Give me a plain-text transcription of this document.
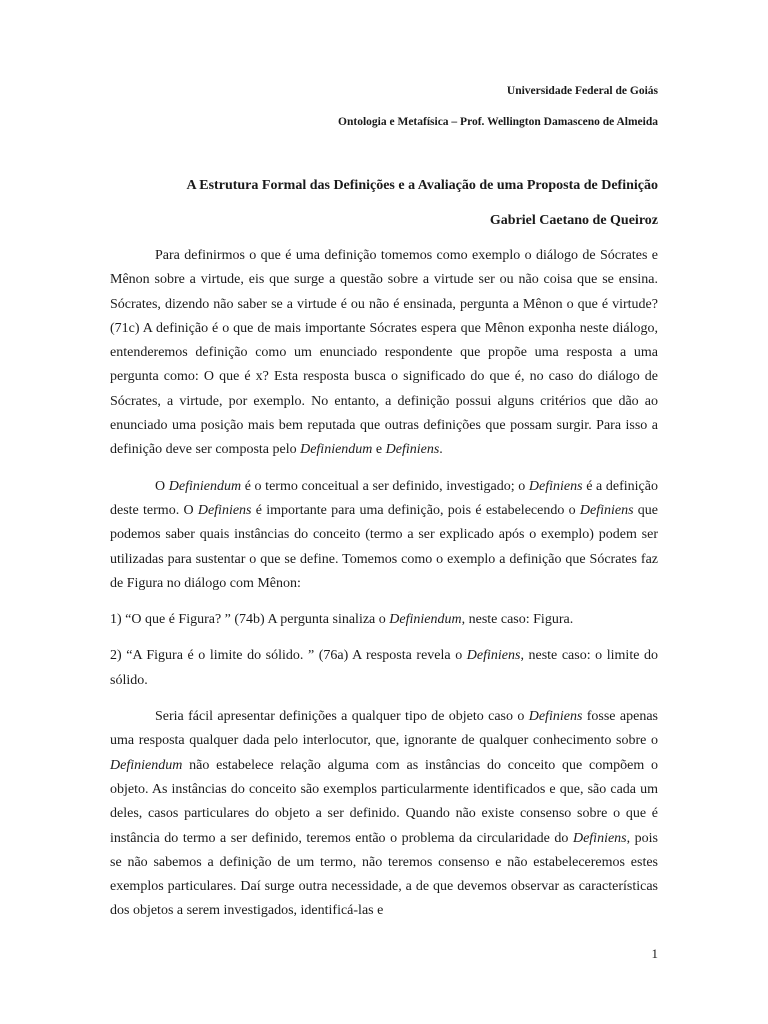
Universidade Federal de Goiás
Ontologia e Metafísica – Prof. Wellington Damasceno de Almeida
A Estrutura Formal das Definições e a Avaliação de uma Proposta de Definição
Gabriel Caetano de Queiroz

Para definirmos o que é uma definição tomemos como exemplo o diálogo de Sócrates e Mênon sobre a virtude, eis que surge a questão sobre a virtude ser ou não coisa que se ensina. Sócrates, dizendo não saber se a virtude é ou não é ensinada, pergunta a Mênon o que é virtude? (71c) A definição é o que de mais importante Sócrates espera que Mênon exponha neste diálogo, entenderemos definição como um enunciado respondente que propõe uma resposta a uma pergunta como: O que é x? Esta resposta busca o significado do que é, no caso do diálogo de Sócrates, a virtude, por exemplo. No entanto, a definição possui alguns critérios que dão ao enunciado uma posição mais bem reputada que outras definições que possam surgir. Para isso a definição deve ser composta pelo Definiendum e Definiens.

O Definiendum é o termo conceitual a ser definido, investigado; o Definiens é a definição deste termo. O Definiens é importante para uma definição, pois é estabelecendo o Definiens que podemos saber quais instâncias do conceito (termo a ser explicado após o exemplo) podem ser utilizadas para sustentar o que se define. Tomemos como o exemplo a definição que Sócrates faz de Figura no diálogo com Mênon:

1) “O que é Figura? ” (74b) A pergunta sinaliza o Definiendum, neste caso: Figura.

2) “A Figura é o limite do sólido. ” (76a) A resposta revela o Definiens, neste caso: o limite do sólido.

Seria fácil apresentar definições a qualquer tipo de objeto caso o Definiens fosse apenas uma resposta qualquer dada pelo interlocutor, que, ignorante de qualquer conhecimento sobre o Definiendum não estabelece relação alguma com as instâncias do conceito que compõem o objeto. As instâncias do conceito são exemplos particularmente identificados e que, são cada um deles, casos particulares do objeto a ser definido. Quando não existe consenso sobre o que é instância do termo a ser definido, teremos então o problema da circularidade do Definiens, pois se não sabemos a definição de um termo, não teremos consenso e não estabeleceremos estes exemplos particulares. Daí surge outra necessidade, a de que devemos observar as características dos objetos a serem investigados, identificá-las e

1
